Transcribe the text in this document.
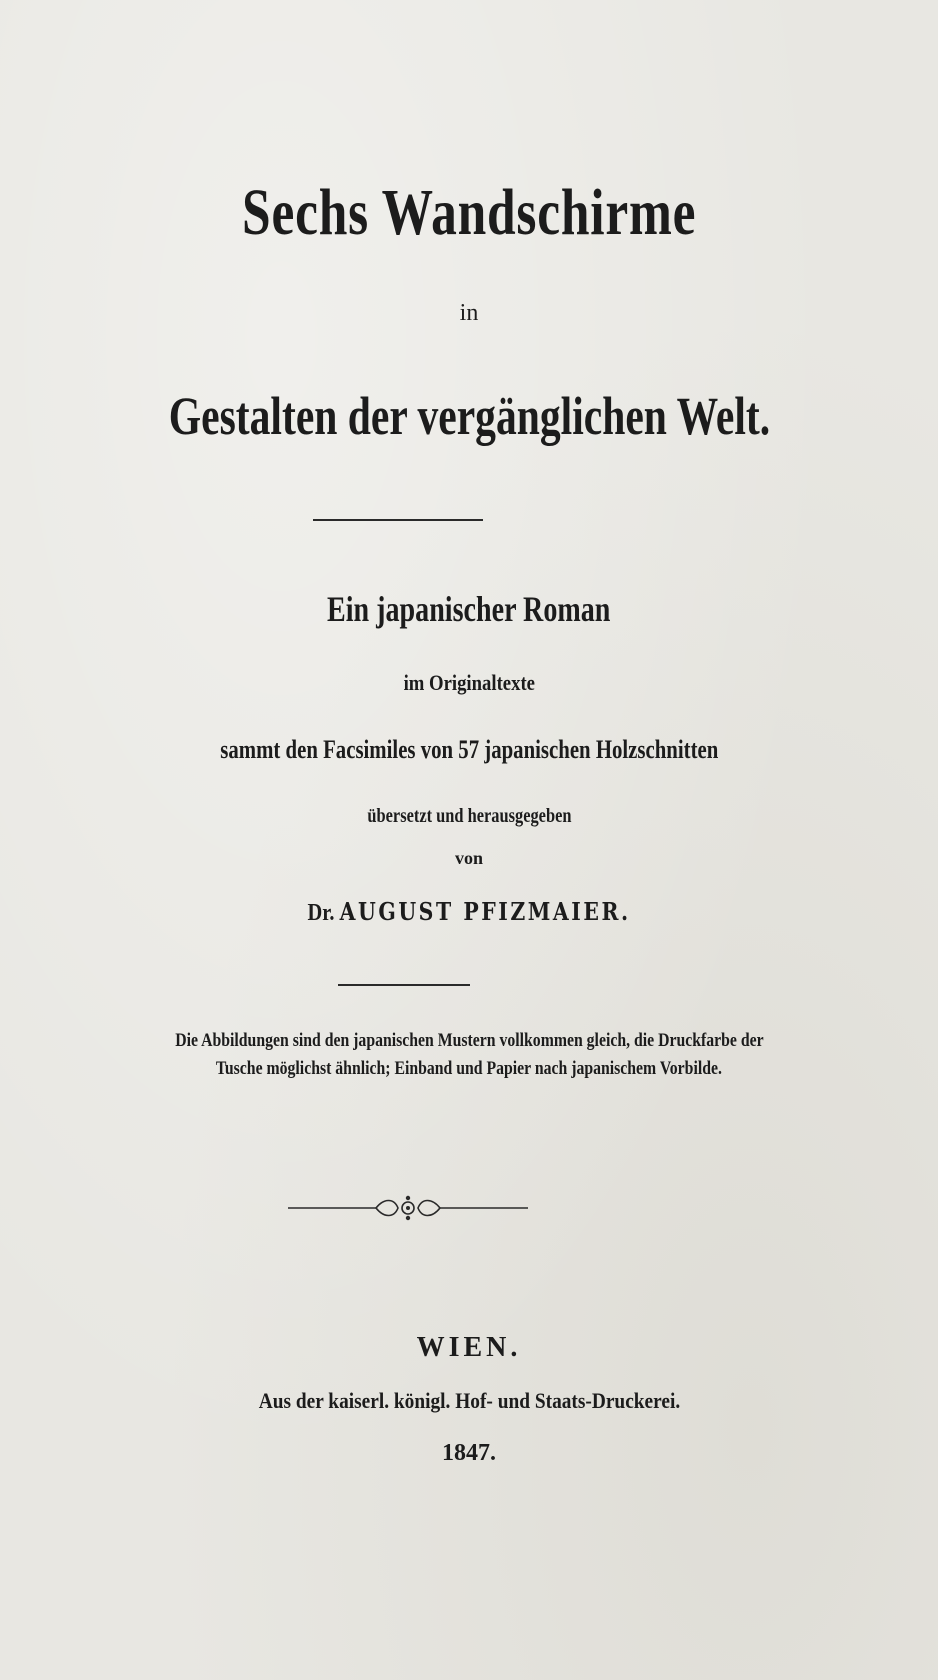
Sechs Wandschirme
in
Gestalten der vergänglichen Welt.
Ein japanischer Roman
im Originaltexte
sammt den Facsimiles von 57 japanischen Holzschnitten
übersetzt und herausgegeben
von
Dr. AUGUST PFIZMAIER.
Die Abbildungen sind den japanischen Mustern vollkommen gleich, die Druckfarbe der
Tusche möglichst ähnlich; Einband und Papier nach japanischem Vorbilde.
WIEN.
Aus der kaiserl. königl. Hof- und Staats-Druckerei.
1847.
